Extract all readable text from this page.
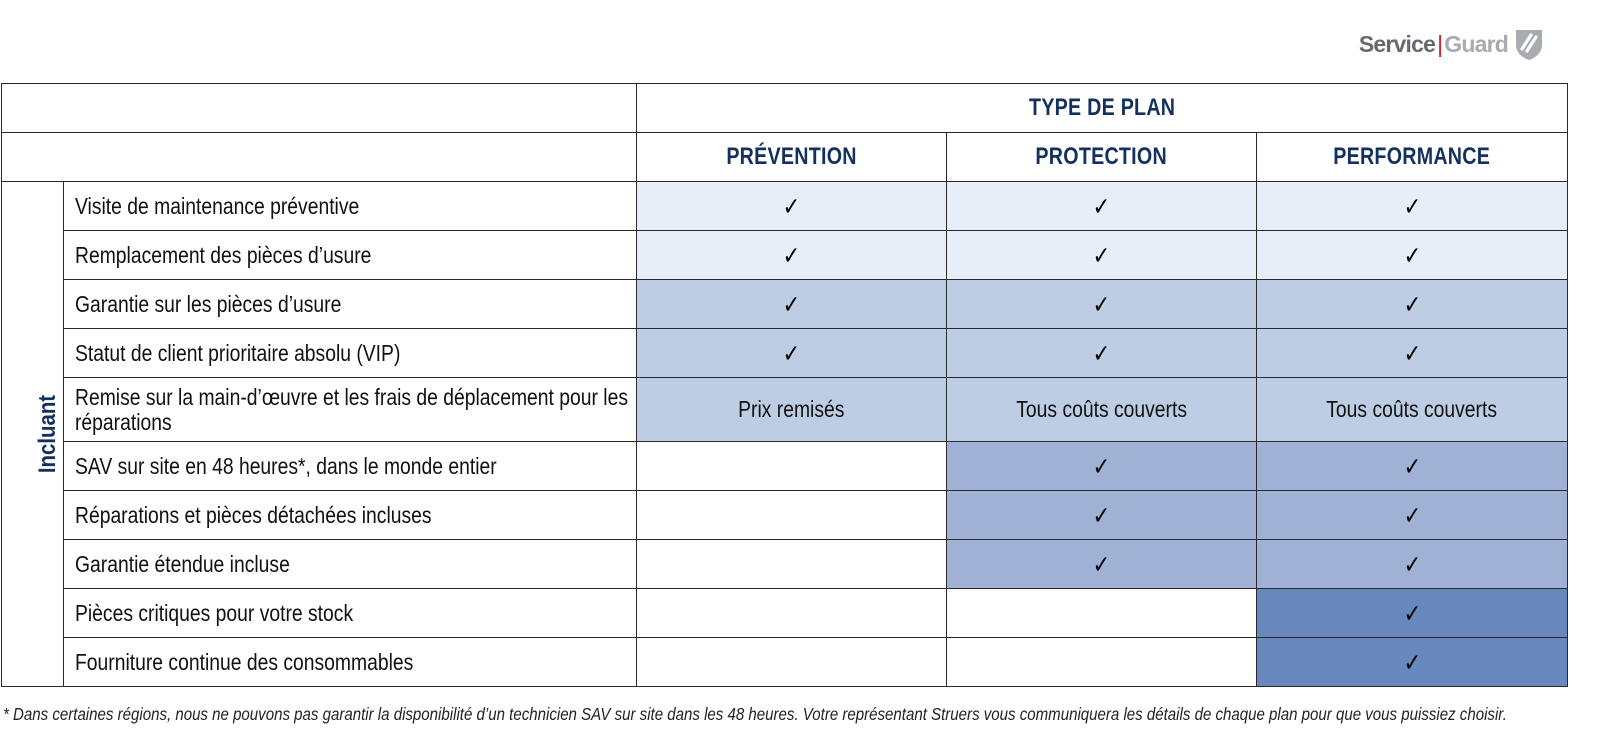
Service | Guard
		TYPE DE PLAN		
		PRÉVENTION	PROTECTION	PERFORMANCE
Incluant	Visite de maintenance préventive	✓	✓	✓
	Remplacement des pièces d’usure	✓	✓	✓
	Garantie sur les pièces d’usure	✓	✓	✓
	Statut de client prioritaire absolu (VIP)	✓	✓	✓
	Remise sur la main-d’œuvre et les frais de déplacement pour les réparations	Prix remisés	Tous coûts couverts	Tous coûts couverts
	SAV sur site en 48 heures*, dans le monde entier		✓	✓
	Réparations et pièces détachées incluses		✓	✓
	Garantie étendue incluse		✓	✓
	Pièces critiques pour votre stock			✓
	Fourniture continue des consommables			✓
* Dans certaines régions, nous ne pouvons pas garantir la disponibilité d’un technicien SAV sur site dans les 48 heures. Votre représentant Struers vous communiquera les détails de chaque plan pour que vous puissiez choisir.
